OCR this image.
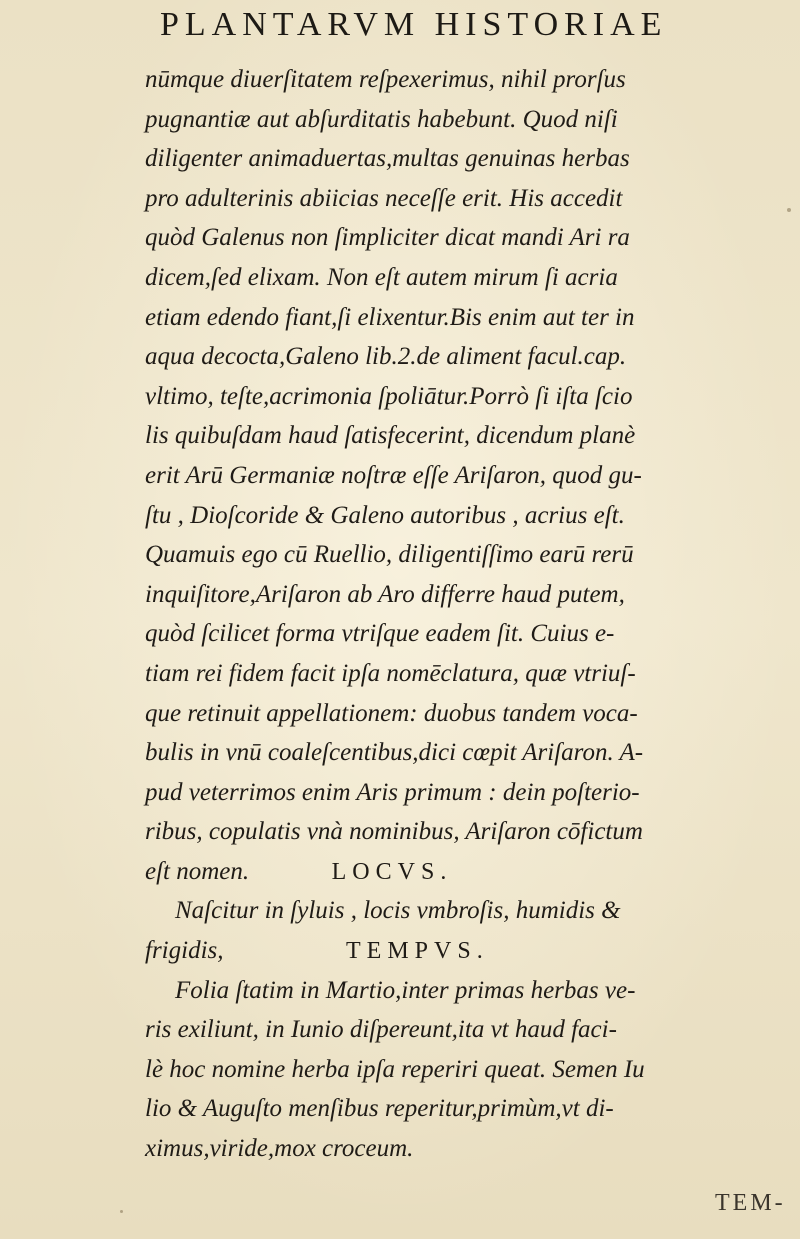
PLANTARVM HISTORIAE
nūmque diuerſitatem reſpexerimus, nihil prorſus
pugnantiæ aut abſurditatis habebunt. Quod niſi
diligenter animaduertas,multas genuinas herbas
pro adulterinis abiicias neceſſe erit. His accedit
quòd Galenus non ſimpliciter dicat mandi Ari ra
dicem,ſed elixam. Non eſt autem mirum ſi acria
etiam edendo fiant,ſi elixentur.Bis enim aut ter in
aqua decocta,Galeno lib.2.de aliment facul.cap.
vltimo, teſte,acrimonia ſpoliātur.Porrò ſi iſta ſcio
lis quibuſdam haud ſatisfecerint, dicendum planè
erit Arū Germaniæ noſtræ eſſe Ariſaron, quod gu-
ſtu , Dioſcoride & Galeno autoribus , acrius eſt.
Quamuis ego cū Ruellio, diligentiſſimo earū rerū
inquiſitore,Ariſaron ab Aro differre haud putem,
quòd ſcilicet forma vtriſque eadem ſit. Cuius e-
tiam rei fidem facit ipſa nomēclatura, quæ vtriuſ-
que retinuit appellationem: duobus tandem voca-
bulis in vnū coaleſcentibus,dici cœpit Ariſaron. A-
pud veterrimos enim Aris primum : dein poſterio-
ribus, copulatis vnà nominibus, Ariſaron cōfictum
eſt nomen.	LOCVS.
Naſcitur in ſyluis , locis vmbroſis, humidis &
frigidis,	TEMPVS.
Folia ſtatim in Martio,inter primas herbas ve-
ris exiliunt, in Iunio diſpereunt,ita vt haud faci-
lè hoc nomine herba ipſa reperiri queat. Semen Iu
lio & Auguſto menſibus reperitur,primùm,vt di-
ximus,viride,mox croceum.
TEM-
